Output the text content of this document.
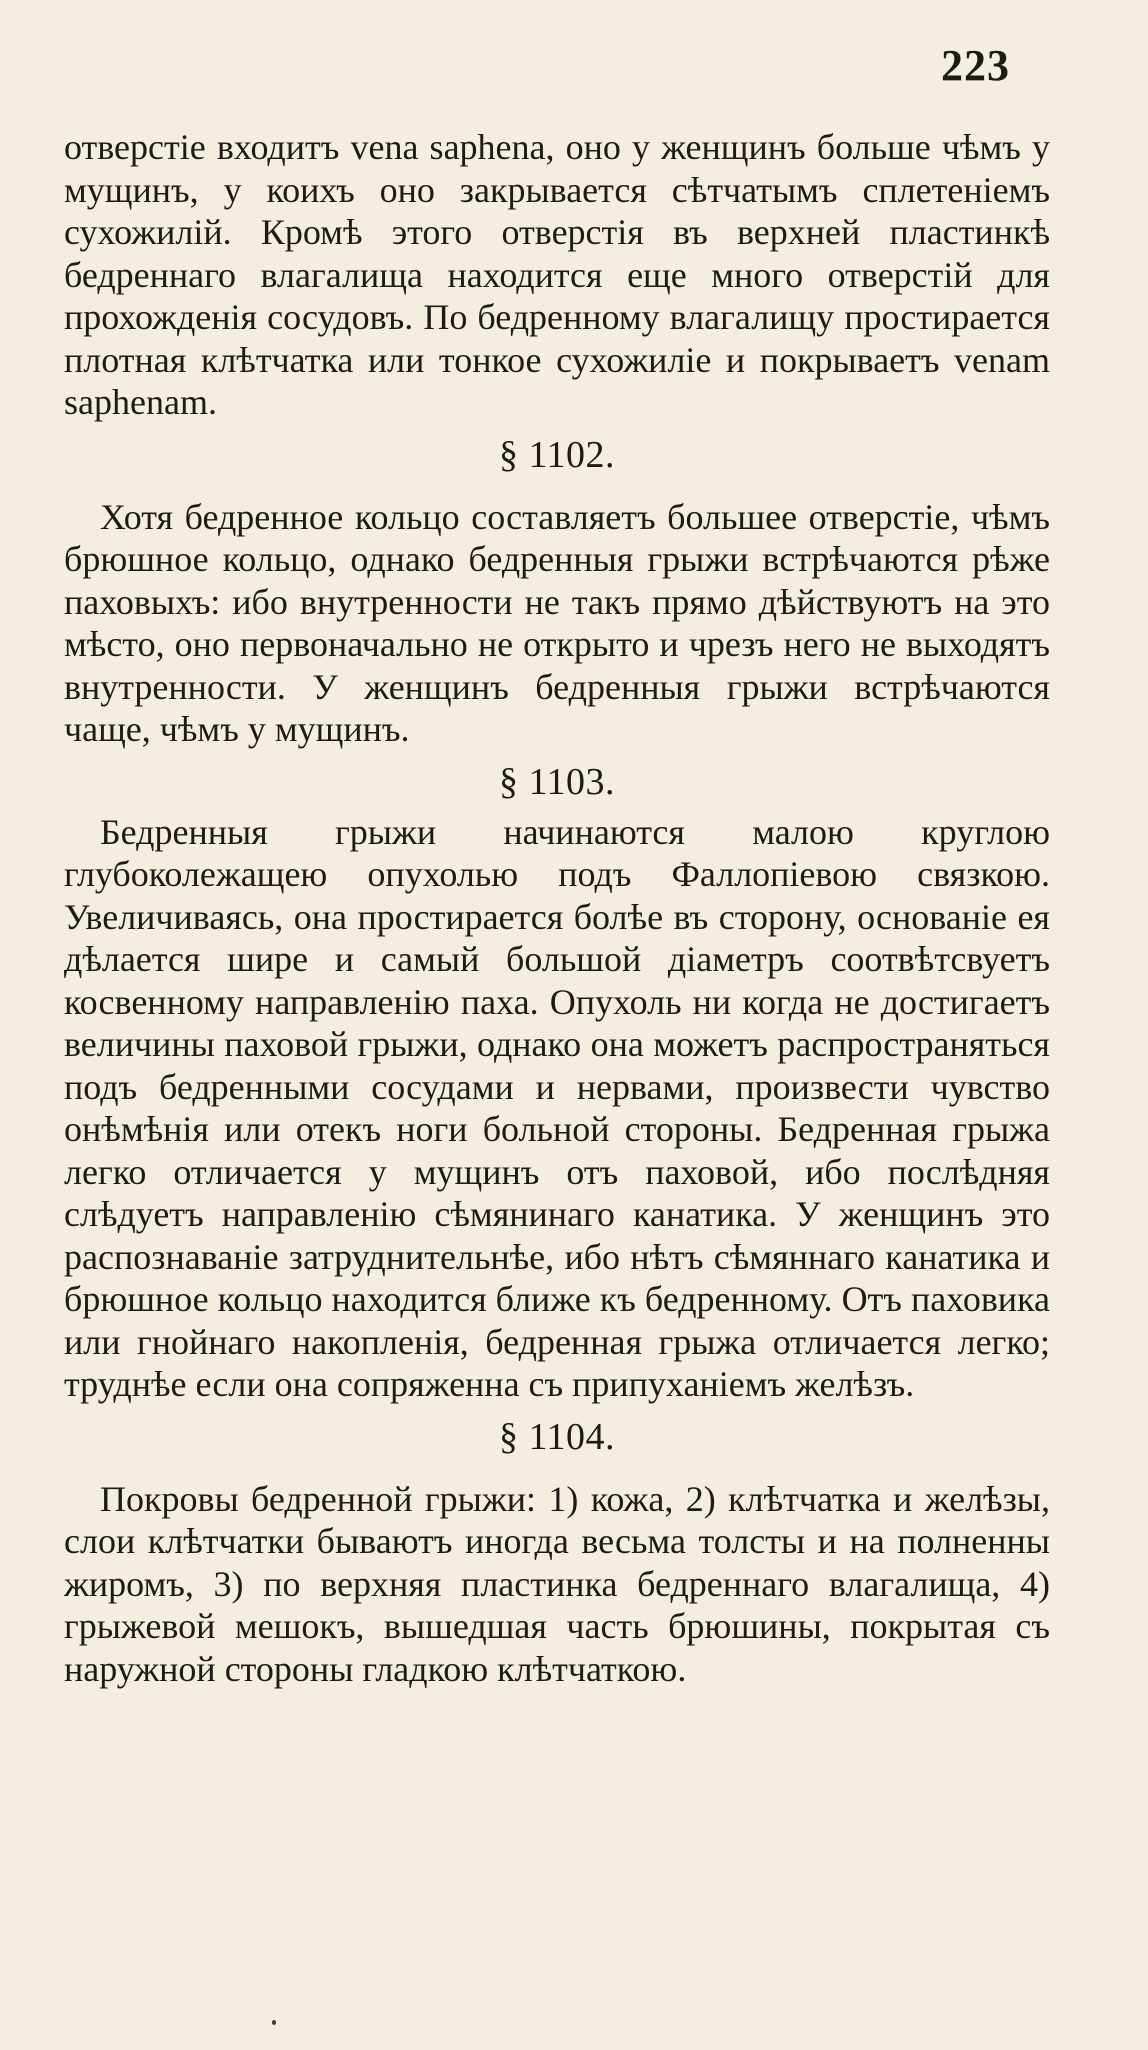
223

отверстіе входитъ vena saphena, оно у женщинъ больше чѣмъ у мущинъ, у коихъ оно закрывается сѣтчатымъ сплетеніемъ сухожилій. Кромѣ этого отверстія въ верхней пластинкѣ бедреннаго влагалища находится еще много отверстій для прохожденія сосудовъ. По бедренному влагалищу простирается плотная клѣтчатка или тонкое сухожиліе и покрываетъ venam saphenam.

§ 1102.

Хотя бедренное кольцо составляетъ большее отверстіе, чѣмъ брюшное кольцо, однако бедренныя грыжи встрѣчаются рѣже паховыхъ: ибо внутренности не такъ прямо дѣйствуютъ на это мѣсто, оно первоначально не открыто и чрезъ него не выходятъ внутренности. У женщинъ бедренныя грыжи встрѣчаются чаще, чѣмъ у мущинъ.

§ 1103.

Бедренныя грыжи начинаются малою круглою глубоколежащею опухолью подъ Фаллопіевою связкою. Увеличиваясь, она простирается болѣе въ сторону, основаніе ея дѣлается шире и самый большой діаметръ соотвѣтсвуетъ косвенному направленію паха. Опухоль ни когда не достигаетъ величины паховой грыжи, однако она можетъ распространяться подъ бедренными сосудами и нервами, произвести чувство онѣмѣнія или отекъ ноги больной стороны. Бедренная грыжа легко отличается у мущинъ отъ паховой, ибо послѣдняя слѣдуетъ направленію сѣмянинаго канатика. У женщинъ это распознаваніе затруднительнѣе, ибо нѣтъ сѣмяннаго канатика и брюшное кольцо находится ближе къ бедренному. Отъ паховика или гнойнаго накопленія, бедренная грыжа отличается легко; труднѣе если она сопряженна съ припуханіемъ желѣзъ.

§ 1104.

Покровы бедренной грыжи: 1) кожа, 2) клѣтчатка и желѣзы, слои клѣтчатки бываютъ иногда весьма толсты и на полненны жиромъ, 3) по верхняя пластинка бедреннаго влагалища, 4) грыжевой мешокъ, вышедшая часть брюшины, покрытая съ наружной стороны гладкою клѣтчаткою.
